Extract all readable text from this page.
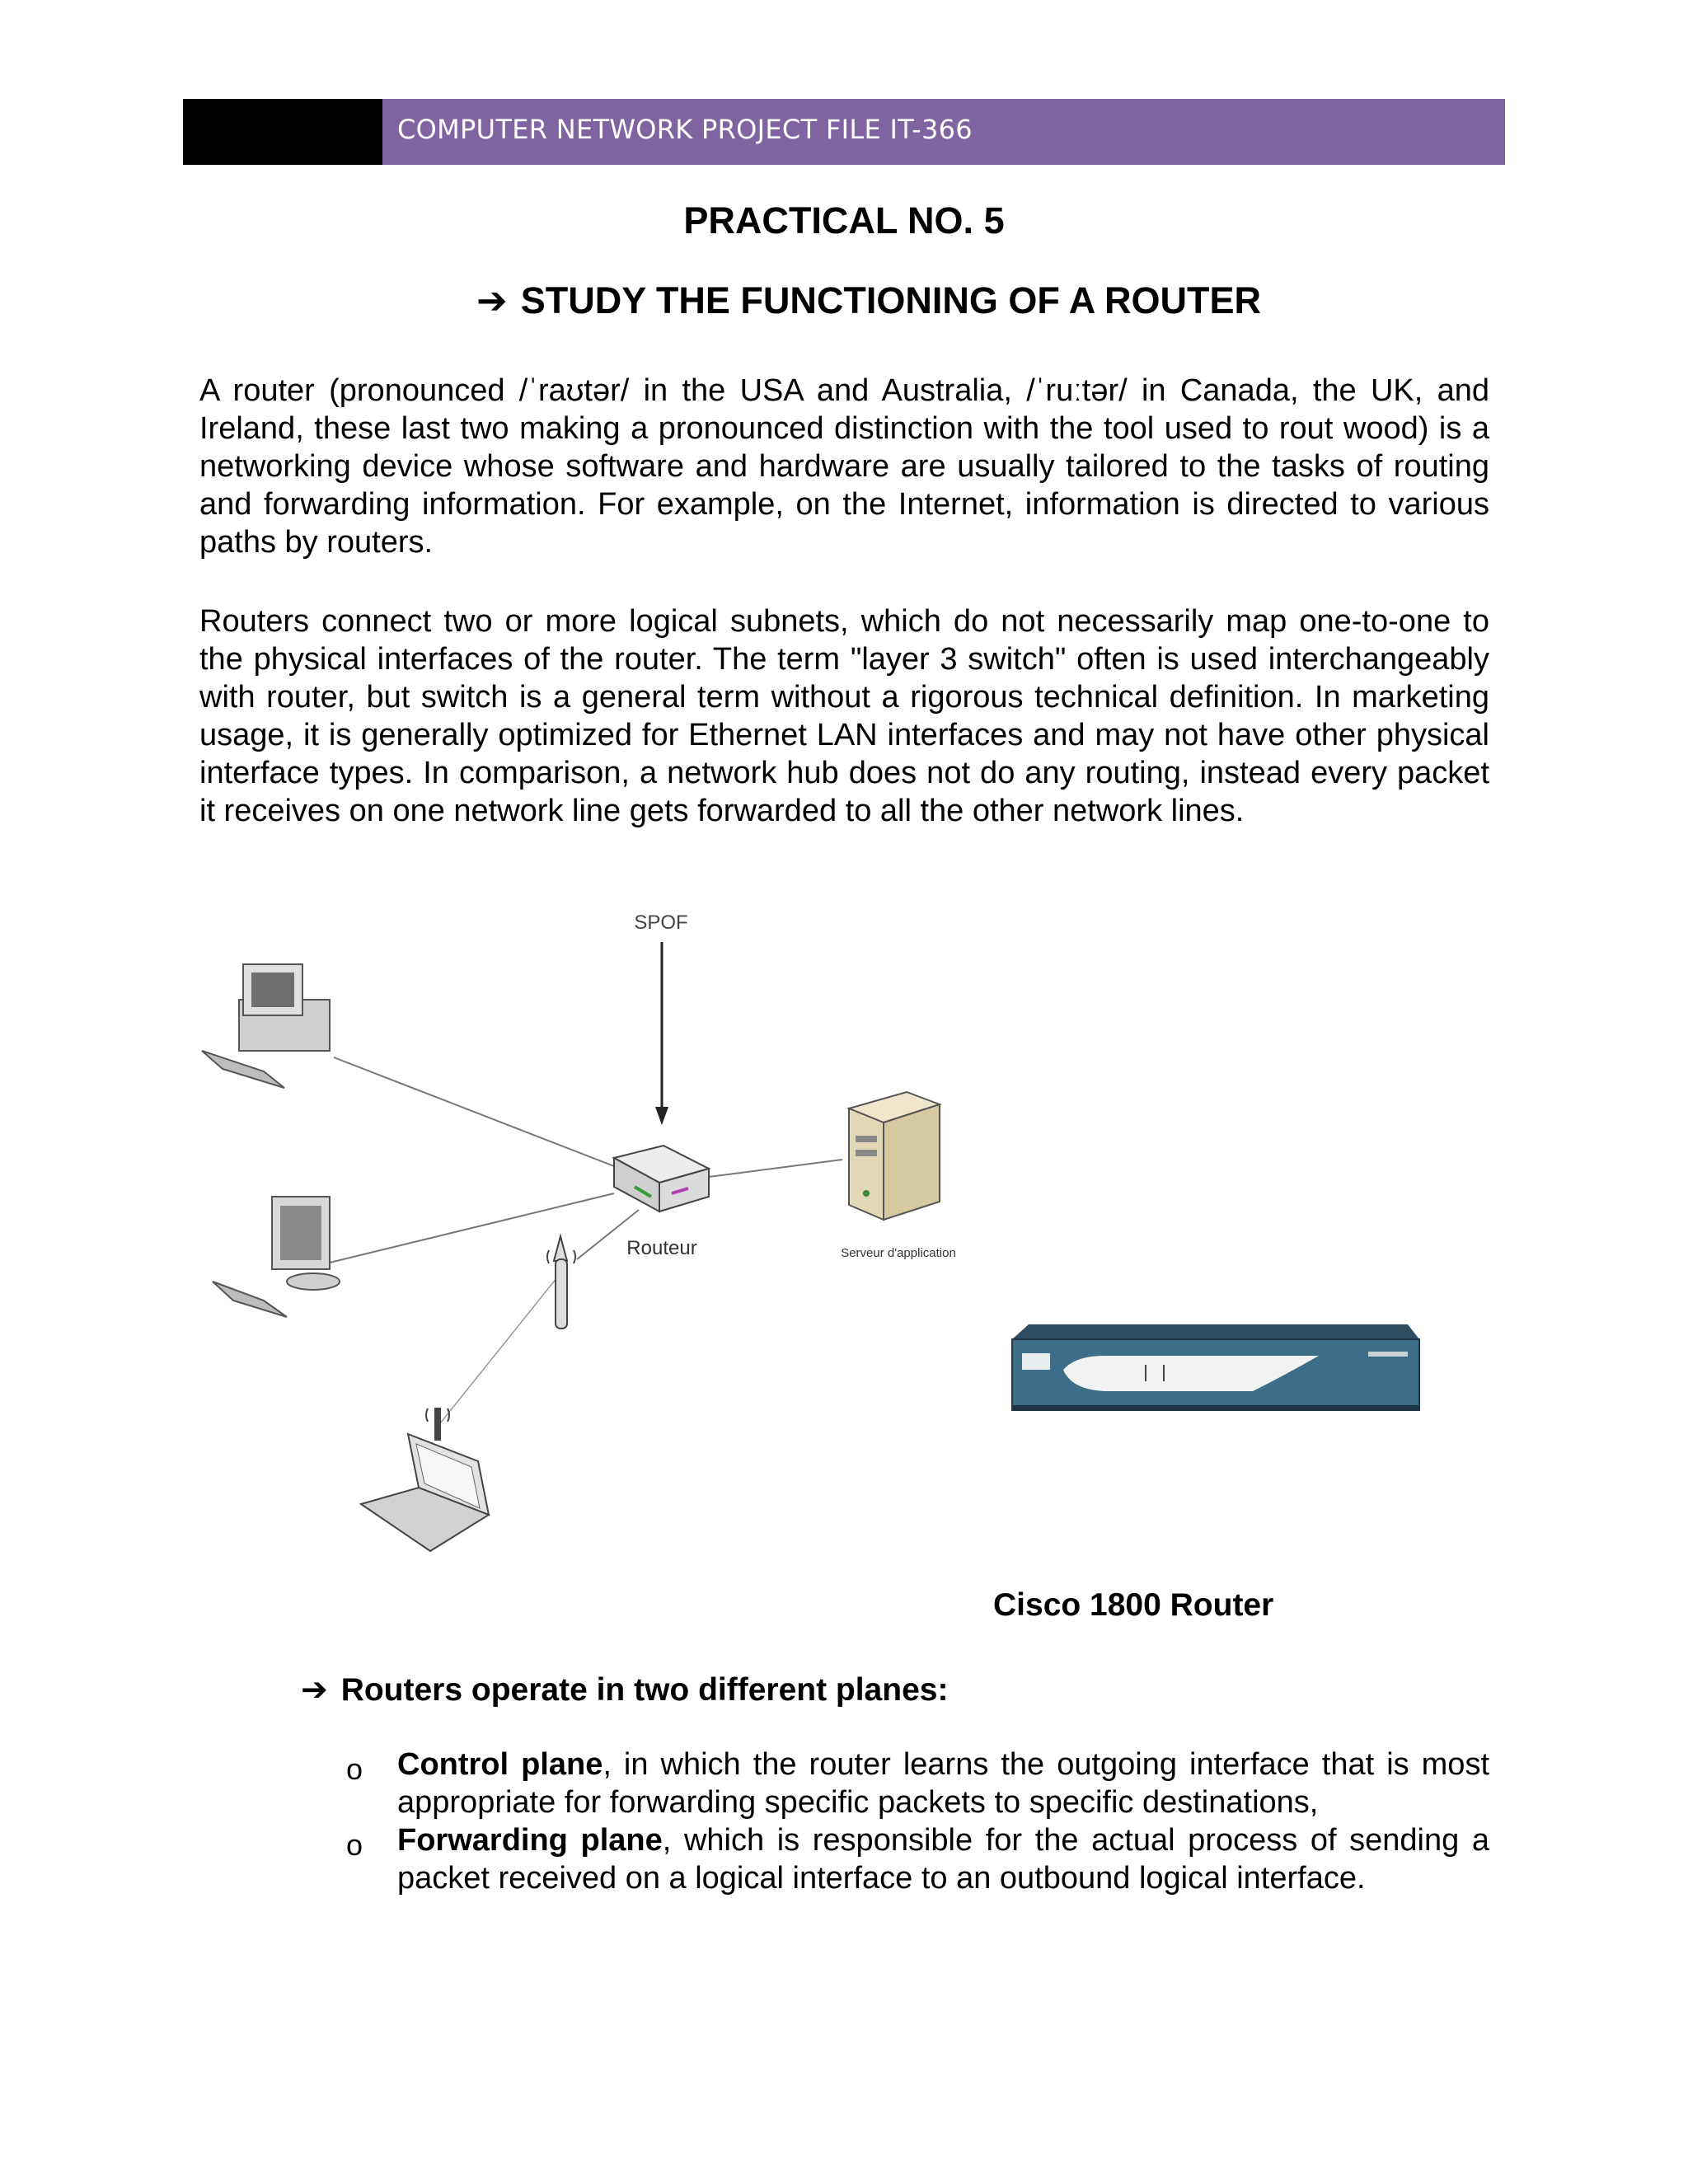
COMPUTER NETWORK PROJECT FILE IT-366
PRACTICAL NO. 5
➔ STUDY THE FUNCTIONING OF A ROUTER

A router (pronounced /ˈraʊtər/ in the USA and Australia, /ˈruːtər/ in Canada, the UK, and Ireland, these last two making a pronounced distinction with the tool used to rout wood) is a networking device whose software and hardware are usually tailored to the tasks of routing and forwarding information. For example, on the Internet, information is directed to various paths by routers.

Routers connect two or more logical subnets, which do not necessarily map one-to-one to the physical interfaces of the router. The term "layer 3 switch" often is used interchangeably with router, but switch is a general term without a rigorous technical definition. In marketing usage, it is generally optimized for Ethernet LAN interfaces and may not have other physical interface types. In comparison, a network hub does not do any routing, instead every packet it receives on one network line gets forwarded to all the other network lines.

SPOF
Routeur	Serveur d'application
Cisco 1800 Router
➔ Routers operate in two different planes:
o Control plane, in which the router learns the outgoing interface that is most appropriate for forwarding specific packets to specific destinations,
o Forwarding plane, which is responsible for the actual process of sending a packet received on a logical interface to an outbound logical interface.
